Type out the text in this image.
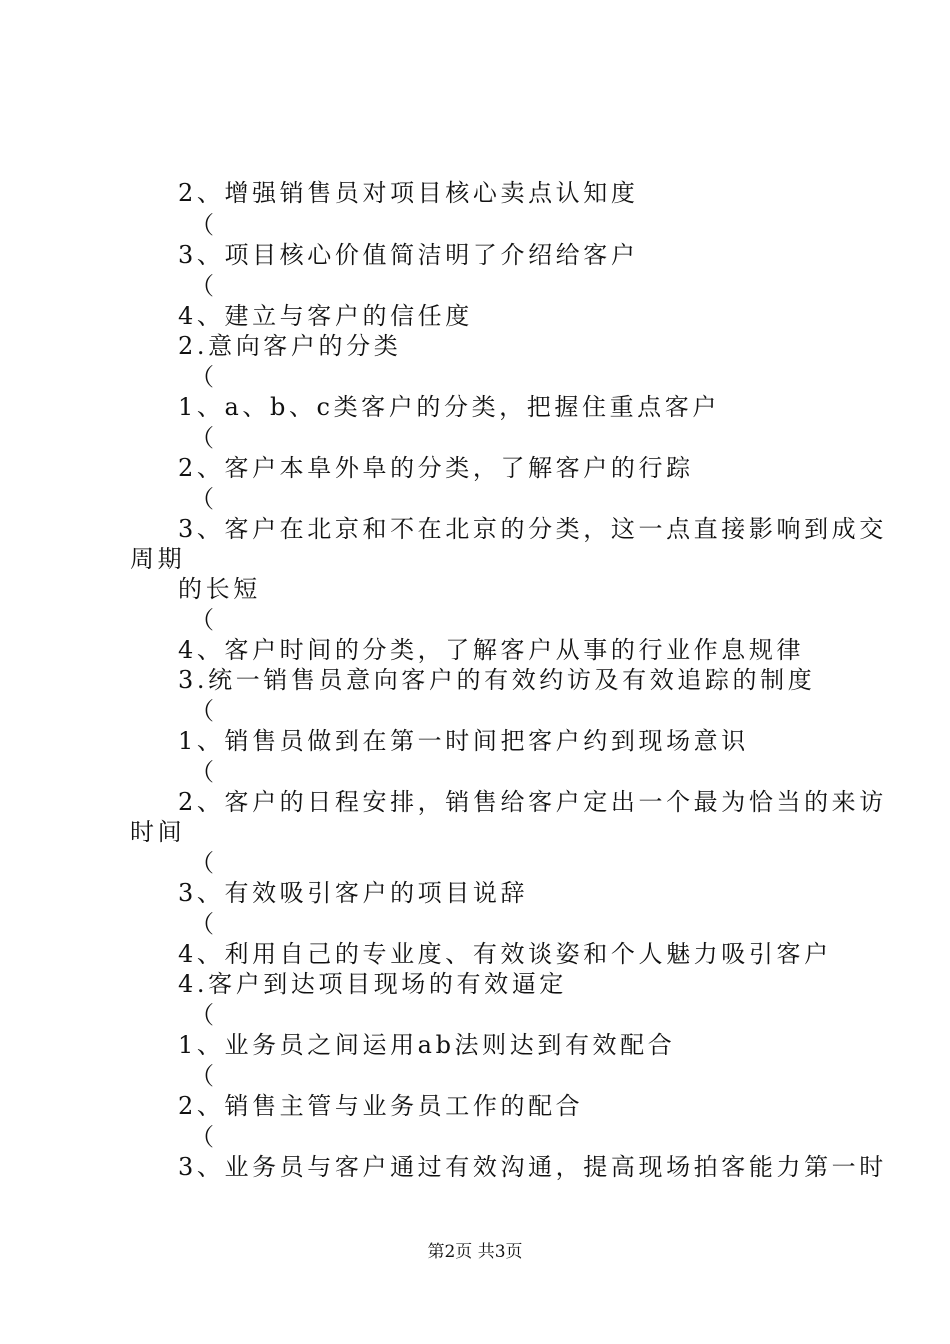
2、增强销售员对项目核心卖点认知度
（
3、项目核心价值简洁明了介绍给客户
（
4、建立与客户的信任度
2.意向客户的分类
（
1、a、b、c类客户的分类，把握住重点客户
（
2、客户本阜外阜的分类，了解客户的行踪
（
3、客户在北京和不在北京的分类，这一点直接影响到成交
周期
的长短
（
4、客户时间的分类，了解客户从事的行业作息规律
3.统一销售员意向客户的有效约访及有效追踪的制度
（
1、销售员做到在第一时间把客户约到现场意识
（
2、客户的日程安排，销售给客户定出一个最为恰当的来访
时间
（
3、有效吸引客户的项目说辞
（
4、利用自己的专业度、有效谈姿和个人魅力吸引客户
4.客户到达项目现场的有效逼定
（
1、业务员之间运用ab法则达到有效配合
（
2、销售主管与业务员工作的配合
（
3、业务员与客户通过有效沟通，提高现场拍客能力第一时
第2页 共3页
